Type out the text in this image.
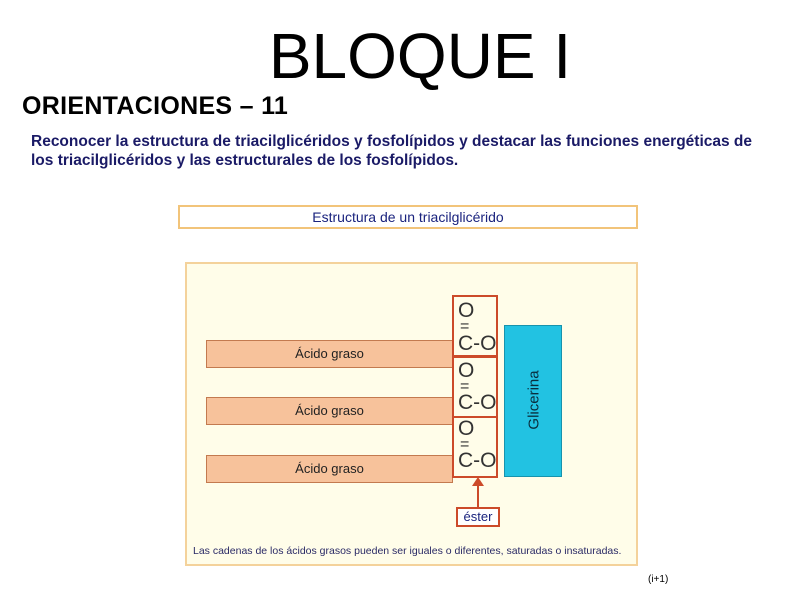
BLOQUE I
ORIENTACIONES – 11
Reconocer la estructura de triacilglicéridos y fosfolípidos y destacar las funciones energéticas de los triacilglicéridos y las estructurales de los fosfolípidos.
Estructura de un triacilglicérido
Ácido graso
Ácido graso
Ácido graso
Glicerina
O
=
C-O
O
=
C-O
O
=
C-O
éster
Las cadenas de los ácidos grasos pueden ser iguales o diferentes, saturadas o insaturadas.
(i+1)
